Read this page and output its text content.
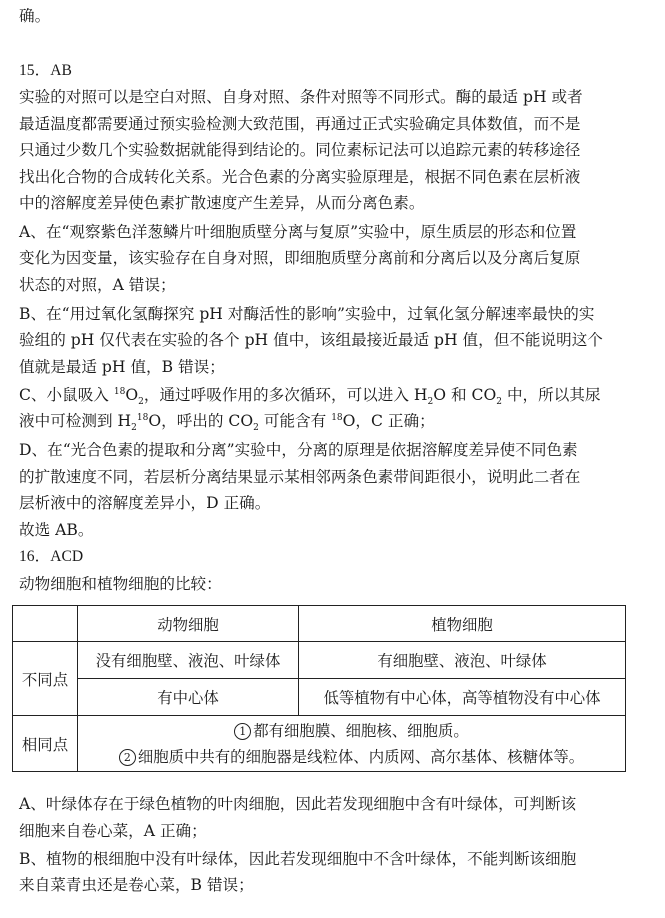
确。
15．AB
实验的对照可以是空白对照、自身对照、条件对照等不同形式。酶的最适 pH 或者
最适温度都需要通过预实验检测大致范围，再通过正式实验确定具体数值，而不是
只通过少数几个实验数据就能得到结论的。同位素标记法可以追踪元素的转移途径
找出化合物的合成转化关系。光合色素的分离实验原理是，根据不同色素在层析液
中的溶解度差异使色素扩散速度产生差异，从而分离色素。
A、在“观察紫色洋葱鳞片叶细胞质壁分离与复原”实验中，原生质层的形态和位置
变化为因变量，该实验存在自身对照，即细胞质壁分离前和分离后以及分离后复原
状态的对照，A 错误；
B、在“用过氧化氢酶探究 pH 对酶活性的影响”实验中，过氧化氢分解速率最快的实
验组的 pH 仅代表在实验的各个 pH 值中，该组最接近最适 pH 值，但不能说明这个
值就是最适 pH 值，B 错误；
C、小鼠吸入 $^{18}O_2$，通过呼吸作用的多次循环，可以进入 $H_2O$ 和 $CO_2$ 中，所以其尿
液中可检测到 $H_2^{18}O$，呼出的 $CO_2$ 可能含有 $^{18}$O，C 正确；
D、在“光合色素的提取和分离”实验中，分离的原理是依据溶解度差异使不同色素
的扩散速度不同，若层析分离结果显示某相邻两条色素带间距很小，说明此二者在
层析液中的溶解度差异小，D 正确。
故选 AB。
16．ACD
动物细胞和植物细胞的比较：
	动物细胞	植物细胞
不同点	没有细胞壁、液泡、叶绿体	有细胞壁、液泡、叶绿体
	有中心体	低等植物有中心体，高等植物没有中心体
相同点	1 都有细胞膜、细胞核、细胞质。
2 细胞质中共有的细胞器是线粒体、内质网、高尔基体、核糖体等。	
A、叶绿体存在于绿色植物的叶肉细胞，因此若发现细胞中含有叶绿体，可判断该
细胞来自卷心菜，A 正确；
B、植物的根细胞中没有叶绿体，因此若发现细胞中不含叶绿体，不能判断该细胞
来自菜青虫还是卷心菜，B 错误；
